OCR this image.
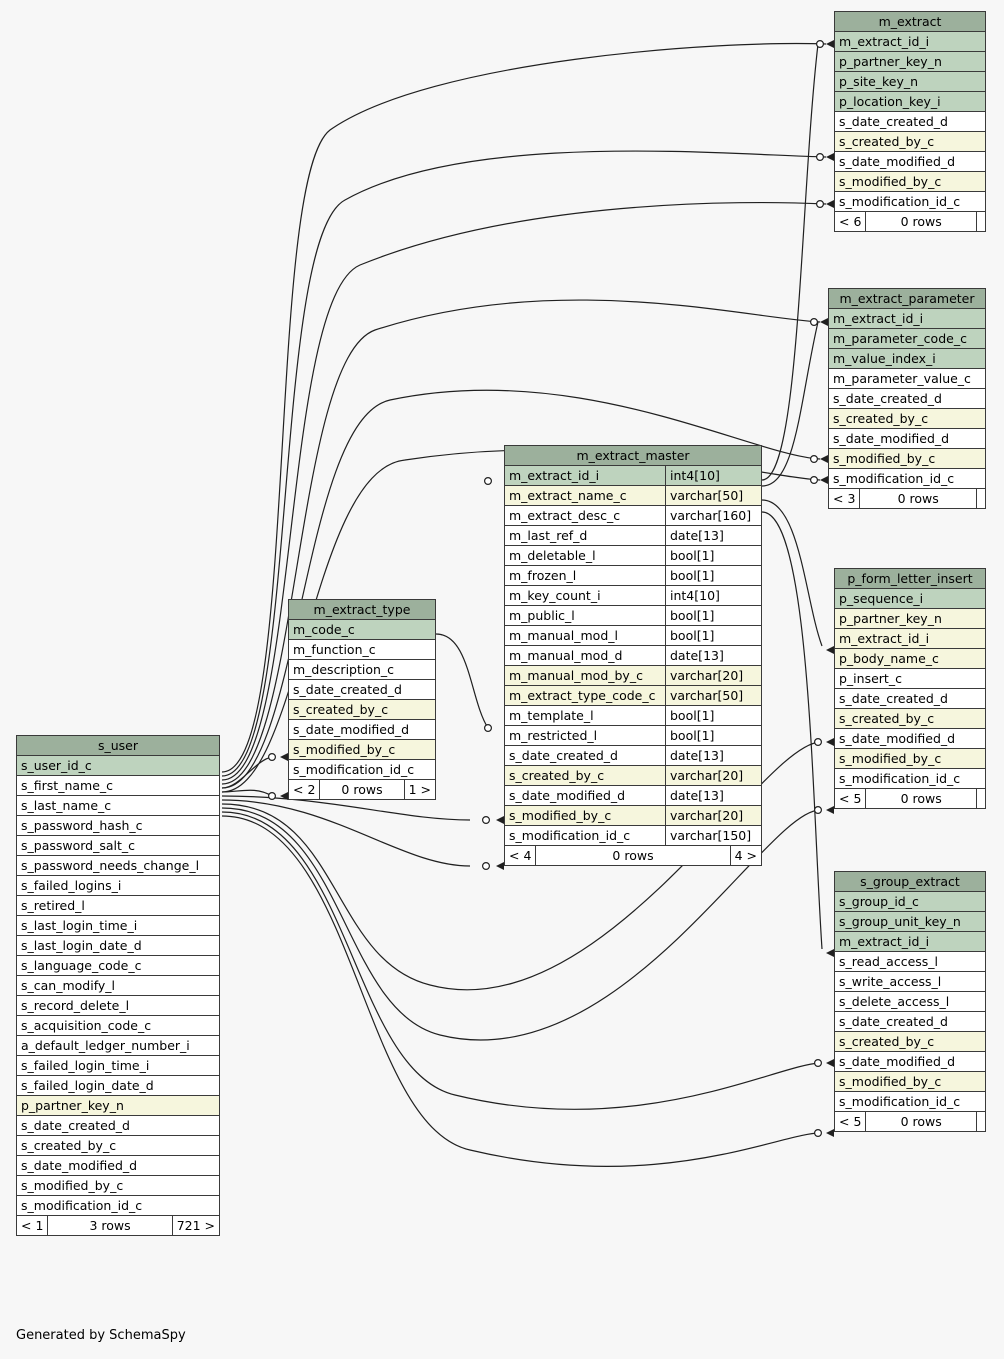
s_user
s_user_id_c
s_first_name_c
s_last_name_c
s_password_hash_c
s_password_salt_c
s_password_needs_change_l
s_failed_logins_i
s_retired_l
s_last_login_time_i
s_last_login_date_d
s_language_code_c
s_can_modify_l
s_record_delete_l
s_acquisition_code_c
a_default_ledger_number_i
s_failed_login_time_i
s_failed_login_date_d
p_partner_key_n
s_date_created_d
s_created_by_c
s_date_modified_d
s_modified_by_c
s_modification_id_c
< 1	3 rows	721 >
m_extract_type
m_code_c
m_function_c
m_description_c
s_date_created_d
s_created_by_c
s_date_modified_d
s_modified_by_c
s_modification_id_c
< 2	0 rows	1 >
m_extract_master
m_extract_id_i	int4[10]
m_extract_name_c	varchar[50]
m_extract_desc_c	varchar[160]
m_last_ref_d	date[13]
m_deletable_l	bool[1]
m_frozen_l	bool[1]
m_key_count_i	int4[10]
m_public_l	bool[1]
m_manual_mod_l	bool[1]
m_manual_mod_d	date[13]
m_manual_mod_by_c	varchar[20]
m_extract_type_code_c	varchar[50]
m_template_l	bool[1]
m_restricted_l	bool[1]
s_date_created_d	date[13]
s_created_by_c	varchar[20]
s_date_modified_d	date[13]
s_modified_by_c	varchar[20]
s_modification_id_c	varchar[150]
< 4	0 rows	4 >
m_extract
m_extract_id_i
p_partner_key_n
p_site_key_n
p_location_key_i
s_date_created_d
s_created_by_c
s_date_modified_d
s_modified_by_c
s_modification_id_c
< 6	0 rows
m_extract_parameter
m_extract_id_i
m_parameter_code_c
m_value_index_i
m_parameter_value_c
s_date_created_d
s_created_by_c
s_date_modified_d
s_modified_by_c
s_modification_id_c
< 3	0 rows
p_form_letter_insert
p_sequence_i
p_partner_key_n
m_extract_id_i
p_body_name_c
p_insert_c
s_date_created_d
s_created_by_c
s_date_modified_d
s_modified_by_c
s_modification_id_c
< 5	0 rows
s_group_extract
s_group_id_c
s_group_unit_key_n
m_extract_id_i
s_read_access_l
s_write_access_l
s_delete_access_l
s_date_created_d
s_created_by_c
s_date_modified_d
s_modified_by_c
s_modification_id_c
< 5	0 rows
Generated by SchemaSpy
